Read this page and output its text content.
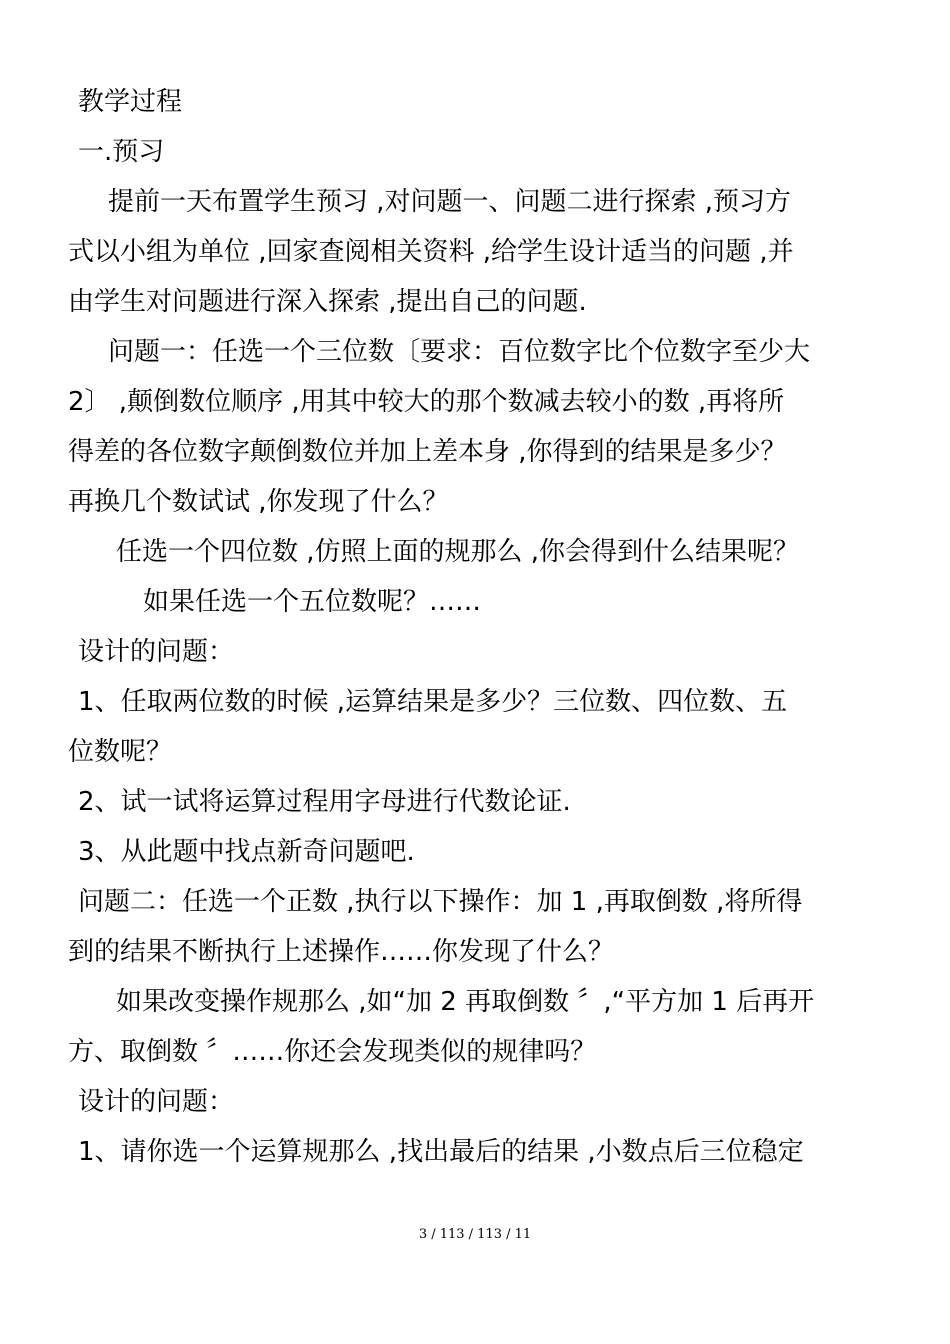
教学过程
一.预习
提前一天布置学生预习 ,对问题一、问题二进行探索 ,预习方
式以小组为单位 ,回家查阅相关资料 ,给学生设计适当的问题 ,并
由学生对问题进行深入探索 ,提出自己的问题.
问题一：任选一个三位数〔要求：百位数字比个位数字至少大
2〕 ,颠倒数位顺序 ,用其中较大的那个数减去较小的数 ,再将所
得差的各位数字颠倒数位并加上差本身 ,你得到的结果是多少？
再换几个数试试 ,你发现了什么？
任选一个四位数 ,仿照上面的规那么 ,你会得到什么结果呢？
如果任选一个五位数呢？……
设计的问题：
1、任取两位数的时候 ,运算结果是多少？三位数、四位数、五
位数呢？
2、试一试将运算过程用字母进行代数论证.
3、从此题中找点新奇问题吧.
问题二：任选一个正数 ,执行以下操作：加 1 ,再取倒数 ,将所得
到的结果不断执行上述操作……你发现了什么？
如果改变操作规那么 ,如“加 2 再取倒数 〞,“平方加 1 后再开
方、取倒数 〞……你还会发现类似的规律吗？
设计的问题：
1、请你选一个运算规那么 ,找出最后的结果 ,小数点后三位稳定
3 / 113 / 113 / 11
